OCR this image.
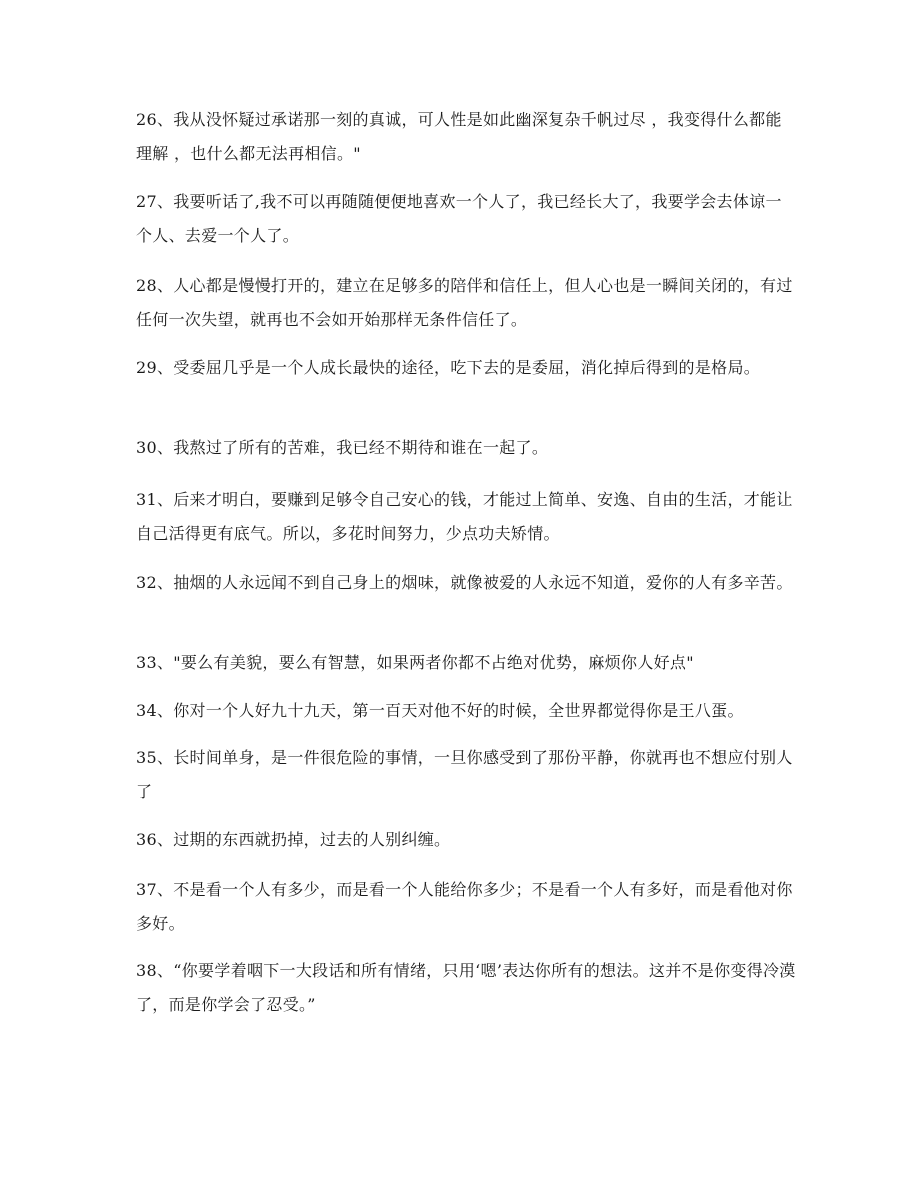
26、我从没怀疑过承诺那一刻的真诚，可人性是如此幽深复杂千帆过尽 ，我变得什么都能理解 ，也什么都无法再相信。"

27、我要听话了,我不可以再随随便便地喜欢一个人了，我已经长大了，我要学会去体谅一个人、去爱一个人了。

28、人心都是慢慢打开的，建立在足够多的陪伴和信任上，但人心也是一瞬间关闭的，有过任何一次失望，就再也不会如开始那样无条件信任了。

29、受委屈几乎是一个人成长最快的途径，吃下去的是委屈，消化掉后得到的是格局。

30、我熬过了所有的苦难，我已经不期待和谁在一起了。

31、后来才明白，要赚到足够令自己安心的钱，才能过上简单、安逸、自由的生活，才能让自己活得更有底气。所以，多花时间努力，少点功夫矫情。

32、抽烟的人永远闻不到自己身上的烟味，就像被爱的人永远不知道，爱你的人有多辛苦。

33、"要么有美貌，要么有智慧，如果两者你都不占绝对优势，麻烦你人好点"

34、你对一个人好九十九天，第一百天对他不好的时候，全世界都觉得你是王八蛋。

35、长时间单身，是一件很危险的事情，一旦你感受到了那份平静，你就再也不想应付别人了

36、过期的东西就扔掉，过去的人别纠缠。

37、不是看一个人有多少，而是看一个人能给你多少；不是看一个人有多好，而是看他对你多好。

38、“你要学着咽下一大段话和所有情绪，只用‘嗯’表达你所有的想法。这并不是你变得冷漠了，而是你学会了忍受。”
